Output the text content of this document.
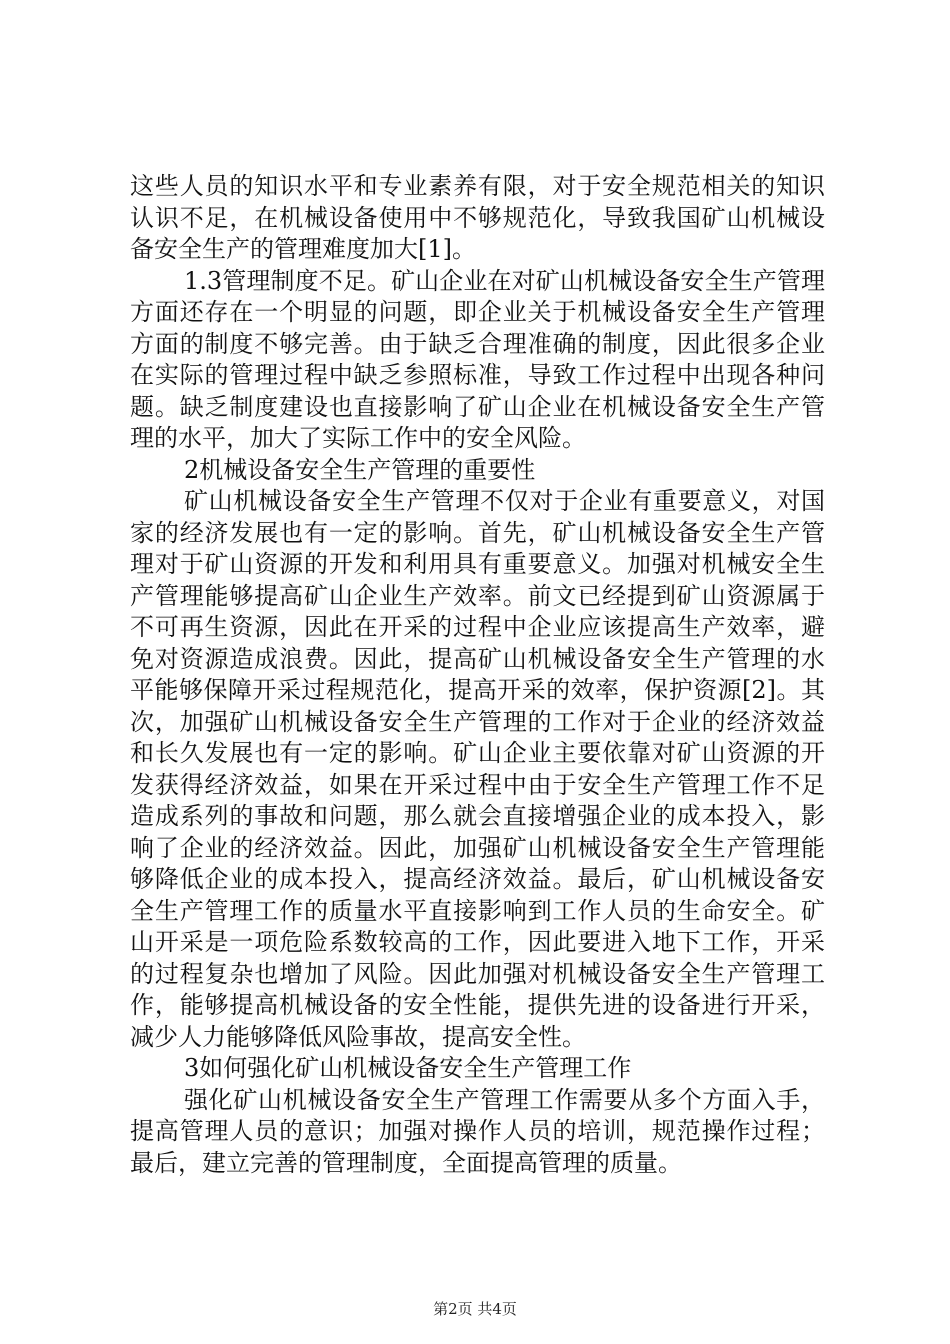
这些人员的知识水平和专业素养有限，对于安全规范相关的知识认识不足，在机械设备使用中不够规范化，导致我国矿山机械设备安全生产的管理难度加大[1]。

1.3管理制度不足。矿山企业在对矿山机械设备安全生产管理方面还存在一个明显的问题，即企业关于机械设备安全生产管理方面的制度不够完善。由于缺乏合理准确的制度，因此很多企业在实际的管理过程中缺乏参照标准，导致工作过程中出现各种问题。缺乏制度建设也直接影响了矿山企业在机械设备安全生产管理的水平，加大了实际工作中的安全风险。

2机械设备安全生产管理的重要性

矿山机械设备安全生产管理不仅对于企业有重要意义，对国家的经济发展也有一定的影响。首先，矿山机械设备安全生产管理对于矿山资源的开发和利用具有重要意义。加强对机械安全生产管理能够提高矿山企业生产效率。前文已经提到矿山资源属于不可再生资源，因此在开采的过程中企业应该提高生产效率，避免对资源造成浪费。因此，提高矿山机械设备安全生产管理的水平能够保障开采过程规范化，提高开采的效率，保护资源[2]。其次，加强矿山机械设备安全生产管理的工作对于企业的经济效益和长久发展也有一定的影响。矿山企业主要依靠对矿山资源的开发获得经济效益，如果在开采过程中由于安全生产管理工作不足造成系列的事故和问题，那么就会直接增强企业的成本投入，影响了企业的经济效益。因此，加强矿山机械设备安全生产管理能够降低企业的成本投入，提高经济效益。最后，矿山机械设备安全生产管理工作的质量水平直接影响到工作人员的生命安全。矿山开采是一项危险系数较高的工作，因此要进入地下工作，开采的过程复杂也增加了风险。因此加强对机械设备安全生产管理工作，能够提高机械设备的安全性能，提供先进的设备进行开采，减少人力能够降低风险事故，提高安全性。

3如何强化矿山机械设备安全生产管理工作

强化矿山机械设备安全生产管理工作需要从多个方面入手，提高管理人员的意识；加强对操作人员的培训，规范操作过程；最后，建立完善的管理制度，全面提高管理的质量。

第2页 共4页
